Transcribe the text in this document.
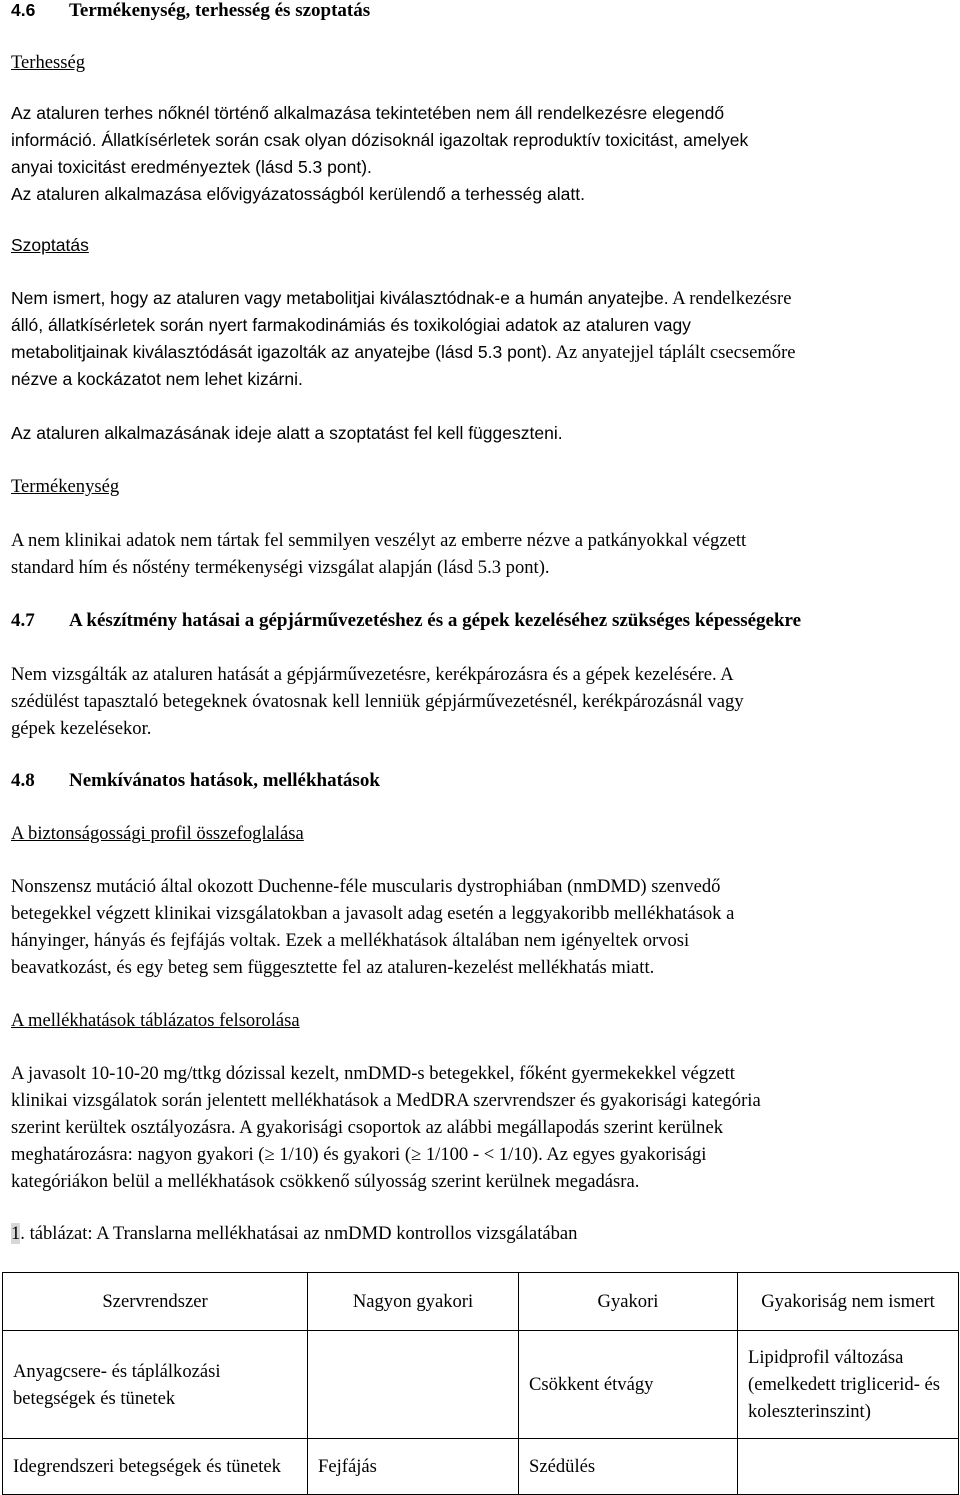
4.6 Termékenység, terhesség és szoptatás

Terhesség

Az ataluren terhes nőknél történő alkalmazása tekintetében nem áll rendelkezésre elegendő

információ. Állatkísérletek során csak olyan dózisoknál igazoltak reproduktív toxicitást, amelyek

anyai toxicitást eredményeztek (lásd 5.3 pont).

Az ataluren alkalmazása elővigyázatosságból kerülendő a terhesség alatt.

Szoptatás

Nem ismert, hogy az ataluren vagy metabolitjai kiválasztódnak-e a humán anyatejbe. A rendelkezésre

álló, állatkísérletek során nyert farmakodinámiás és toxikológiai adatok az ataluren vagy

metabolitjainak kiválasztódását igazolták az anyatejbe (lásd 5.3 pont). Az anyatejjel táplált csecsemőre

nézve a kockázatot nem lehet kizárni.

Az ataluren alkalmazásának ideje alatt a szoptatást fel kell függeszteni.

Termékenység

A nem klinikai adatok nem tártak fel semmilyen veszélyt az emberre nézve a patkányokkal végzett

standard hím és nőstény termékenységi vizsgálat alapján (lásd 5.3 pont).

4.7 A készítmény hatásai a gépjárművezetéshez és a gépek kezeléséhez szükséges képességekre

Nem vizsgálták az ataluren hatását a gépjárművezetésre, kerékpározásra és a gépek kezelésére. A

szédülést tapasztaló betegeknek óvatosnak kell lenniük gépjárművezetésnél, kerékpározásnál vagy

gépek kezelésekor.

4.8 Nemkívánatos hatások, mellékhatások

A biztonságossági profil összefoglalása

Nonszensz mutáció által okozott Duchenne-féle muscularis dystrophiában (nmDMD) szenvedő

betegekkel végzett klinikai vizsgálatokban a javasolt adag esetén a leggyakoribb mellékhatások a

hányinger, hányás és fejfájás voltak. Ezek a mellékhatások általában nem igényeltek orvosi

beavatkozást, és egy beteg sem függesztette fel az ataluren-kezelést mellékhatás miatt.

A mellékhatások táblázatos felsorolása

A javasolt 10-10-20 mg/ttkg dózissal kezelt, nmDMD-s betegekkel, főként gyermekekkel végzett

klinikai vizsgálatok során jelentett mellékhatások a MedDRA szervrendszer és gyakorisági kategória

szerint kerültek osztályozásra. A gyakorisági csoportok az alábbi megállapodás szerint kerülnek

meghatározásra: nagyon gyakori (≥ 1/10) és gyakori (≥ 1/100 - < 1/10). Az egyes gyakorisági

kategóriákon belül a mellékhatások csökkenő súlyosság szerint kerülnek megadásra.

1. táblázat: A Translarna mellékhatásai az nmDMD kontrollos vizsgálatában

Szervrendszer	Nagyon gyakori	Gyakori	Gyakoriság nem ismert
Anyagcsere- és táplálkozási betegségek és tünetek		Csökkent étvágy	Lipidprofil változása (emelkedett triglicerid- és koleszterinszint)
Idegrendszeri betegségek és tünetek	Fejfájás	Szédülés	
